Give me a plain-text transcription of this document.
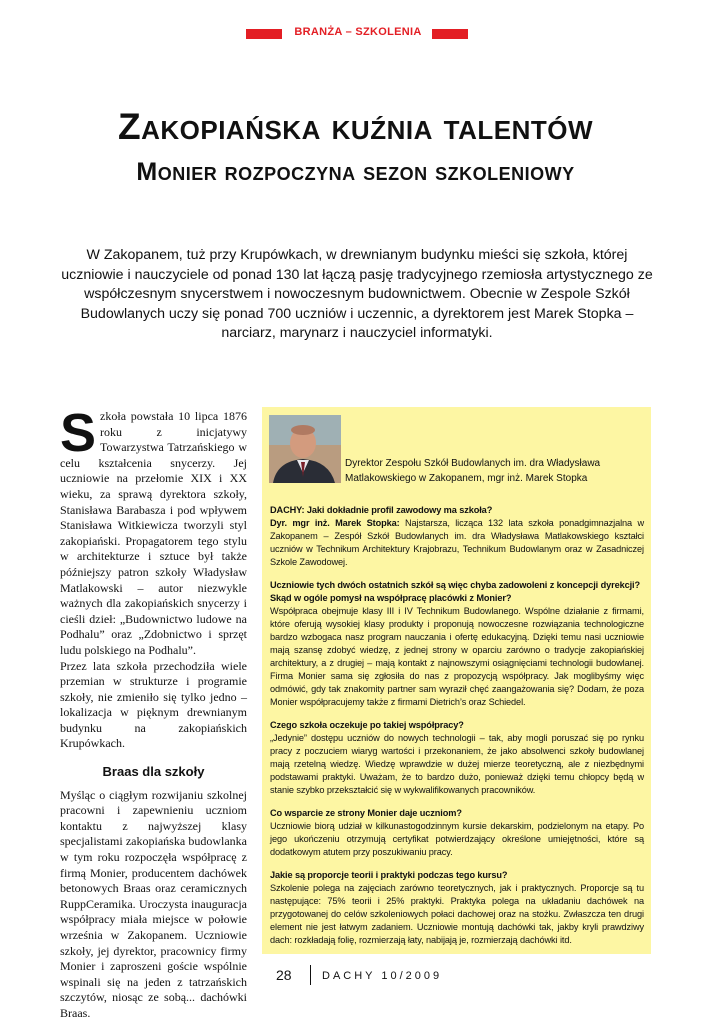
BRANŻA – SZKOLENIA
Zakopiańska kuźnia talentów
Monier rozpoczyna sezon szkoleniowy
W Zakopanem, tuż przy Krupówkach, w drewnianym budynku mieści się szkoła, której uczniowie i nauczyciele od ponad 130 lat łączą pasję tradycyjnego rzemiosła artystycznego ze współczesnym snycerstwem i nowoczesnym budownictwem. Obecnie w Zespole Szkół Budowlanych uczy się ponad 700 uczniów i uczennic, a dyrektorem jest Marek Stopka – narciarz, marynarz i nauczyciel informatyki.

Szkoła powstała 10 lipca 1876 roku z inicjatywy Towarzystwa Tatrzańskiego w celu kształcenia snycerzy. Jej uczniowie na przełomie XIX i XX wieku, za sprawą dyrektora szkoły, Stanisława Barabasza i pod wpływem Stanisława Witkiewicza tworzyli styl zakopiański. Propagatorem tego stylu w architekturze i sztuce był także późniejszy patron szkoły Władysław Matlakowski – autor niezwykle ważnych dla zakopiańskich snycerzy i cieśli dzieł: „Budownictwo ludowe na Podhalu” oraz „Zdobnictwo i sprzęt ludu polskiego na Podhalu”.

Przez lata szkoła przechodziła wiele przemian w strukturze i programie szkoły, nie zmieniło się tylko jedno – lokalizacja w pięknym drewnianym budynku na zakopiańskich Krupówkach.

Braas dla szkoły

Myśląc o ciągłym rozwijaniu szkolnej pracowni i zapewnieniu uczniom kontaktu z najwyższej klasy specjalistami zakopiańska budowlanka w tym roku rozpoczęła współpracę z firmą Monier, producentem dachówek betonowych Braas oraz ceramicznych RuppCeramika. Uroczysta inauguracja współpracy miała miejsce w połowie września w Zakopanem. Uczniowie szkoły, jej dyrektor, pracownicy firmy Monier i zaproszeni goście wspólnie wspinali się na jeden z tatrzańskich szczytów, niosąc ze sobą... dachówki Braas.

Dyrektor Zespołu Szkół Budowlanych im. dra Władysława Matlakowskiego w Zakopanem, mgr inż. Marek Stopka

DACHY: Jaki dokładnie profil zawodowy ma szkoła?

Dyr. mgr inż. Marek Stopka: Najstarsza, licząca 132 lata szkoła ponadgimnazjalna w Zakopanem – Zespół Szkół Budowlanych im. dra Władysława Matlakowskiego kształci uczniów w Technikum Architektury Krajobrazu, Technikum Budowlanym oraz w Zasadniczej Szkole Zawodowej.

Uczniowie tych dwóch ostatnich szkół są więc chyba zadowoleni z koncepcji dyrekcji? Skąd w ogóle pomysł na współpracę placówki z Monier?

Współpraca obejmuje klasy III i IV Technikum Budowlanego. Wspólne działanie z firmami, które oferują wysokiej klasy produkty i proponują nowoczesne rozwiązania technologiczne bardzo wzbogaca nasz program nauczania i ofertę edukacyjną. Dzięki temu nasi uczniowie mają szansę zdobyć wiedzę, z jednej strony w oparciu zarówno o tradycje zakopiańskiej architektury, a z drugiej – mają kontakt z najnowszymi osiągnięciami technologii budowlanej. Firma Monier sama się zgłosiła do nas z propozycją współpracy. Jak moglibyśmy więc odmówić, gdy tak znakomity partner sam wyraził chęć zaangażowania się? Dodam, że poza Monier współpracujemy także z firmami Dietrich’s oraz Schiedel.

Czego szkoła oczekuje po takiej współpracy?

„Jedynie” dostępu uczniów do nowych technologii – tak, aby mogli poruszać się po rynku pracy z poczuciem wiaryg wartości i przekonaniem, że jako absolwenci szkoły budowlanej mają rzetelną wiedzę. Wiedzę wprawdzie w dużej mierze teoretyczną, ale z niezbędnymi podstawami praktyki. Uważam, że to bardzo dużo, ponieważ dzięki temu chłopcy będą w stanie szybko przekształcić się w wykwalifikowanych pracowników.

Co wsparcie ze strony Monier daje uczniom?

Uczniowie biorą udział w kilkunastogodzinnym kursie dekarskim, podzielonym na etapy. Po jego ukończeniu otrzymują certyfikat potwierdzający określone umiejętności, które są dodatkowym atutem przy poszukiwaniu pracy.

Jakie są proporcje teorii i praktyki podczas tego kursu?

Szkolenie polega na zajęciach zarówno teoretycznych, jak i praktycznych. Proporcje są tu następujące: 75% teorii i 25% praktyki. Praktyka polega na układaniu dachówek na przygotowanej do celów szkoleniowych połaci dachowej oraz na stożku. Zwłaszcza ten drugi element nie jest łatwym zadaniem. Uczniowie montują dachówki tak, jakby kryli prawdziwy dach: rozkładają folię, rozmierzają łaty, nabijają je, rozmierzają dachówki itd.

28	DACHY 10/2009
